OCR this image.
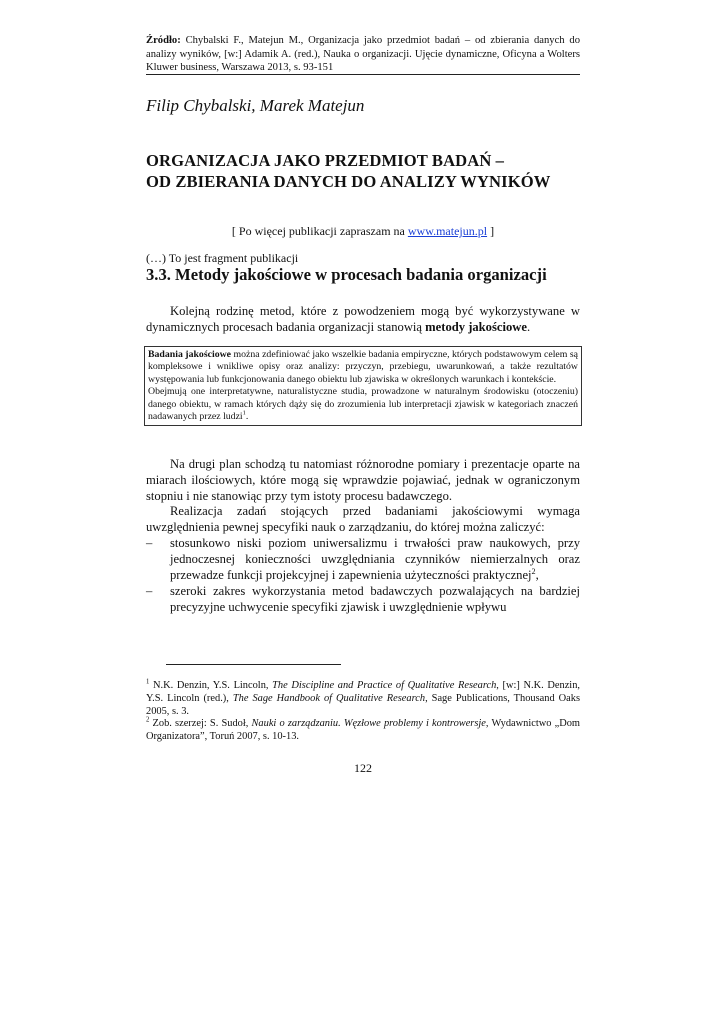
Źródło: Chybalski F., Matejun M., Organizacja jako przedmiot badań – od zbierania danych do analizy wyników, [w:] Adamik A. (red.), Nauka o organizacji. Ujęcie dynamiczne, Oficyna a Wolters Kluwer business, Warszawa 2013, s. 93-151
Filip Chybalski, Marek Matejun
ORGANIZACJA JAKO PRZEDMIOT BADAŃ –
OD ZBIERANIA DANYCH DO ANALIZY WYNIKÓW
[ Po więcej publikacji zapraszam na www.matejun.pl ]
(…) To jest fragment publikacji
3.3. Metody jakościowe w procesach badania organizacji
Kolejną rodzinę metod, które z powodzeniem mogą być wykorzystywane w dynamicznych procesach badania organizacji stanowią metody jakościowe.

Badania jakościowe można zdefiniować jako wszelkie badania empiryczne, których podstawowym celem są kompleksowe i wnikliwe opisy oraz analizy: przyczyn, przebiegu, uwarunkowań, a także rezultatów występowania lub funkcjonowania danego obiektu lub zjawiska w określonych warunkach i kontekście.

Obejmują one interpretatywne, naturalistyczne studia, prowadzone w naturalnym środowisku (otoczeniu) danego obiektu, w ramach których dąży się do zrozumienia lub interpretacji zjawisk w kategoriach znaczeń nadawanych przez ludzi$^1$.

Na drugi plan schodzą tu natomiast różnorodne pomiary i prezentacje oparte na miarach ilościowych, które mogą się wprawdzie pojawiać, jednak w ograniczonym stopniu i nie stanowiąc przy tym istoty procesu badawczego.
Realizacja zadań stojących przed badaniami jakościowymi wymaga uwzględnienia pewnej specyfiki nauk o zarządzaniu, do której można zaliczyć:
– stosunkowo niski poziom uniwersalizmu i trwałości praw naukowych, przy jednoczesnej konieczności uwzględniania czynników niemierzalnych oraz przewadze funkcji projekcyjnej i zapewnienia użyteczności praktycznej$^2$,
– szeroki zakres wykorzystania metod badawczych pozwalających na bardziej precyzyjne uchwycenie specyfiki zjawisk i uwzględnienie wpływu
$^1$ N.K. Denzin, Y.S. Lincoln, The Discipline and Practice of Qualitative Research, [w:] N.K. Denzin, Y.S. Lincoln (red.), The Sage Handbook of Qualitative Research, Sage Publications, Thousand Oaks 2005, s. 3.
$^2$ Zob. szerzej: S. Sudoł, Nauki o zarządzaniu. Węzłowe problemy i kontrowersje, Wydawnictwo „Dom Organizatora”, Toruń 2007, s. 10-13.
122
